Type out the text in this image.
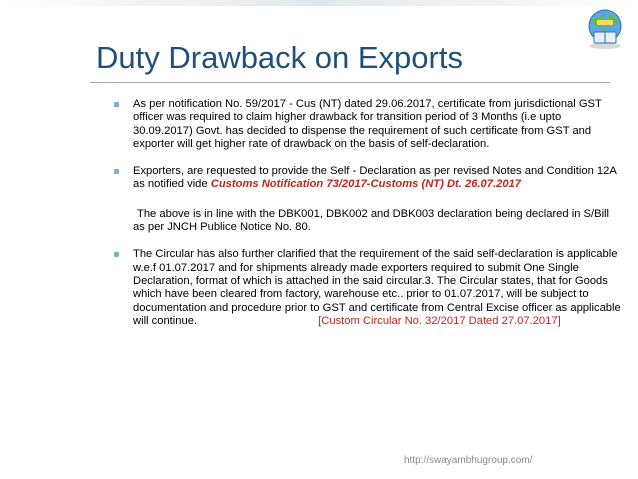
Duty Drawback on Exports

As per notification No. 59/2017 - Cus (NT) dated 29.06.2017, certificate from jurisdictional GST officer was required to claim higher drawback for transition period of 3 Months (i.e upto 30.09.2017) Govt. has decided to dispense the requirement of such certificate from GST and exporter will get higher rate of drawback on the basis of self-declaration.

Exporters, are requested to provide the Self - Declaration as per revised Notes and Condition 12A as notified vide Customs Notification 73/2017-Customs (NT) Dt. 26.07.2017

The above is in line with the DBK001, DBK002 and DBK003 declaration being declared in S/Bill as per JNCH Publice Notice No. 80.

The Circular has also further clarified that the requirement of the said self-declaration is applicable w.e.f 01.07.2017 and for shipments already made exporters required to submit One Single Declaration, format of which is attached in the said circular.3. The Circular states, that for Goods which have been cleared from factory, warehouse etc.. prior to 01.07.2017, will be subject to documentation and procedure prior to GST and certificate from Central Excise officer as applicable will continue.	[Custom Circular No. 32/2017 Dated 27.07.2017]

http://swayambhugroup.com/
